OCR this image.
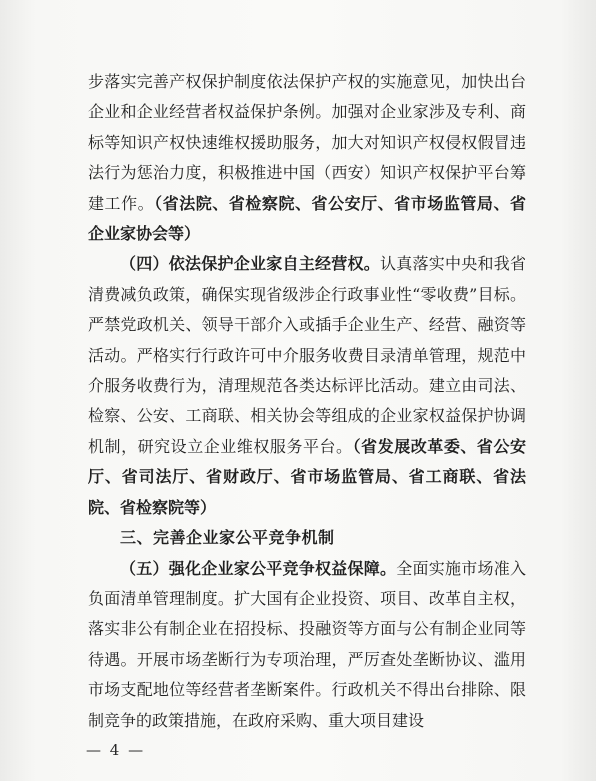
步落实完善产权保护制度依法保护产权的实施意见，加快出台企业和企业经营者权益保护条例。加强对企业家涉及专利、商标等知识产权快速维权援助服务，加大对知识产权侵权假冒违法行为惩治力度，积极推进中国（西安）知识产权保护平台筹建工作。（省法院、省检察院、省公安厅、省市场监管局、省企业家协会等）

（四）依法保护企业家自主经营权。认真落实中央和我省清费减负政策，确保实现省级涉企行政事业性“零收费”目标。严禁党政机关、领导干部介入或插手企业生产、经营、融资等活动。严格实行行政许可中介服务收费目录清单管理，规范中介服务收费行为，清理规范各类达标评比活动。建立由司法、检察、公安、工商联、相关协会等组成的企业家权益保护协调机制，研究设立企业维权服务平台。（省发展改革委、省公安厅、省司法厅、省财政厅、省市场监管局、省工商联、省法院、省检察院等）

三、完善企业家公平竞争机制

（五）强化企业家公平竞争权益保障。全面实施市场准入负面清单管理制度。扩大国有企业投资、项目、改革自主权，落实非公有制企业在招投标、投融资等方面与公有制企业同等待遇。开展市场垄断行为专项治理，严厉查处垄断协议、滥用市场支配地位等经营者垄断案件。行政机关不得出台排除、限制竞争的政策措施，在政府采购、重大项目建设

— 4 —
